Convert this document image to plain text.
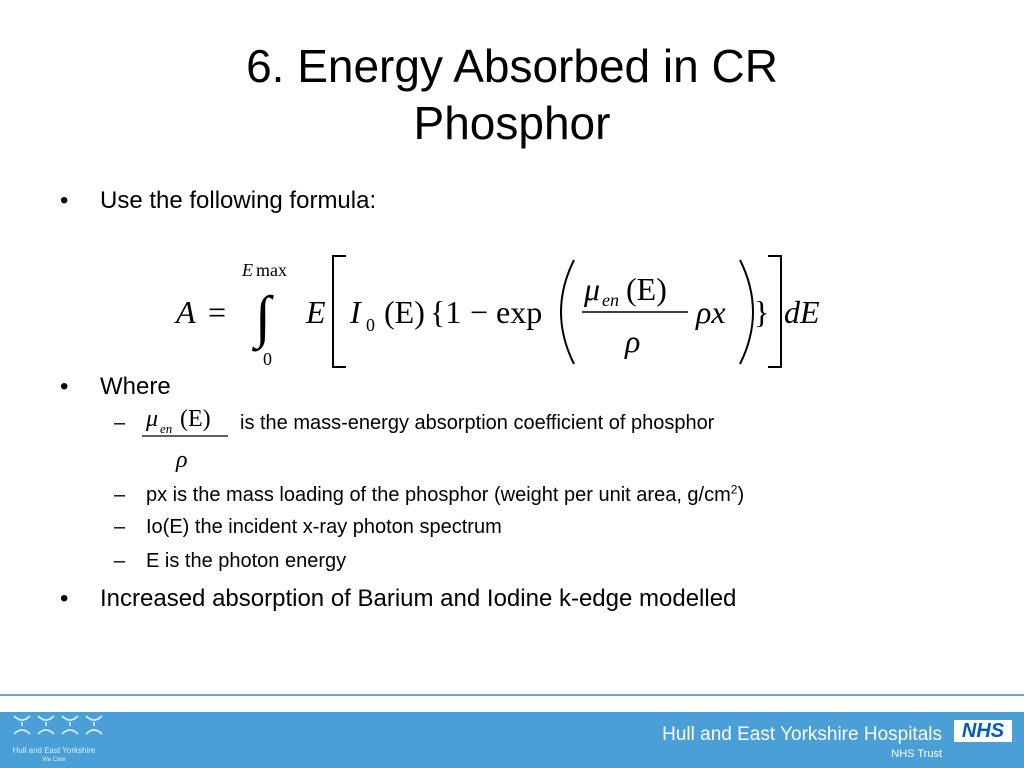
6. Energy Absorbed in CR
Phosphor
• Use the following formula:
A = ∫
E max
0
E I 0 (E) {1 − exp
μ en (E)
ρ
ρx } dE
• Where
– μ en (E)
ρ
is the mass-energy absorption coefficient of phosphor
– px is the mass loading of the phosphor (weight per unit area, $g/cm^2$)
– Io(E) the incident x-ray photon spectrum
– E is the photon energy
• Increased absorption of Barium and Iodine k-edge modelled
Hull and East Yorkshire
We Care
Hull and East Yorkshire Hospitals
NHS Trust
NHS
